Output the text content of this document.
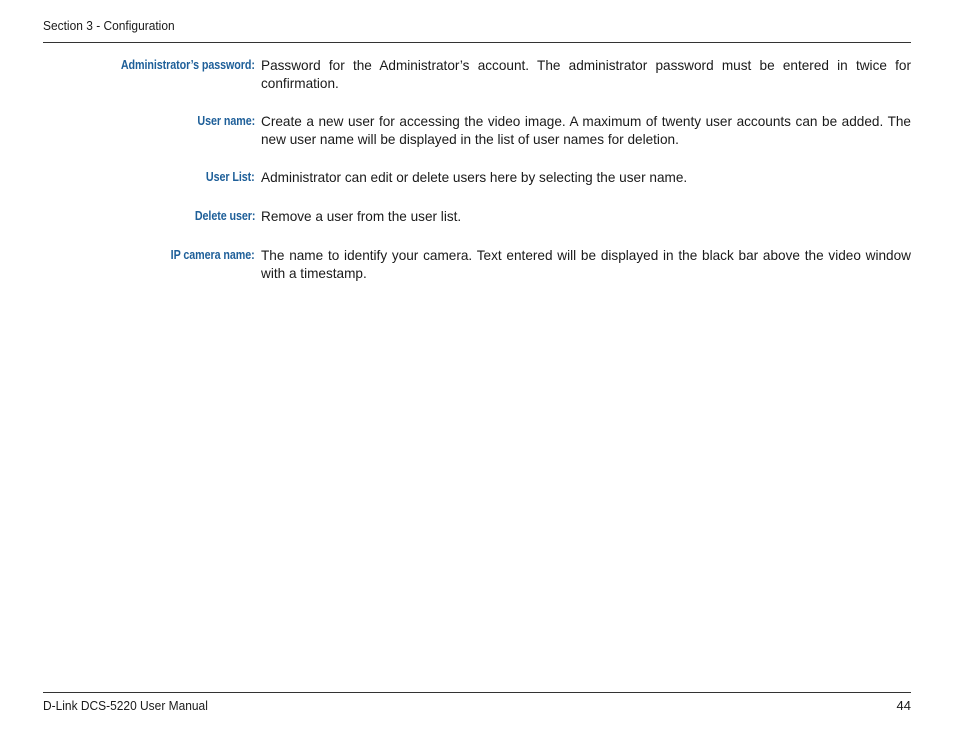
Section 3 - Configuration
Administrator’s password: Password for the Administrator’s account. The administrator password must be entered in twice for confirmation.
User name: Create a new user for accessing the video image. A maximum of twenty user accounts can be added. The new user name will be displayed in the list of user names for deletion.
User List: Administrator can edit or delete users here by selecting the user name.
Delete user: Remove a user from the user list.
IP camera name: The name to identify your camera. Text entered will be displayed in the black bar above the video window with a timestamp.
D-Link DCS-5220 User Manual	44
